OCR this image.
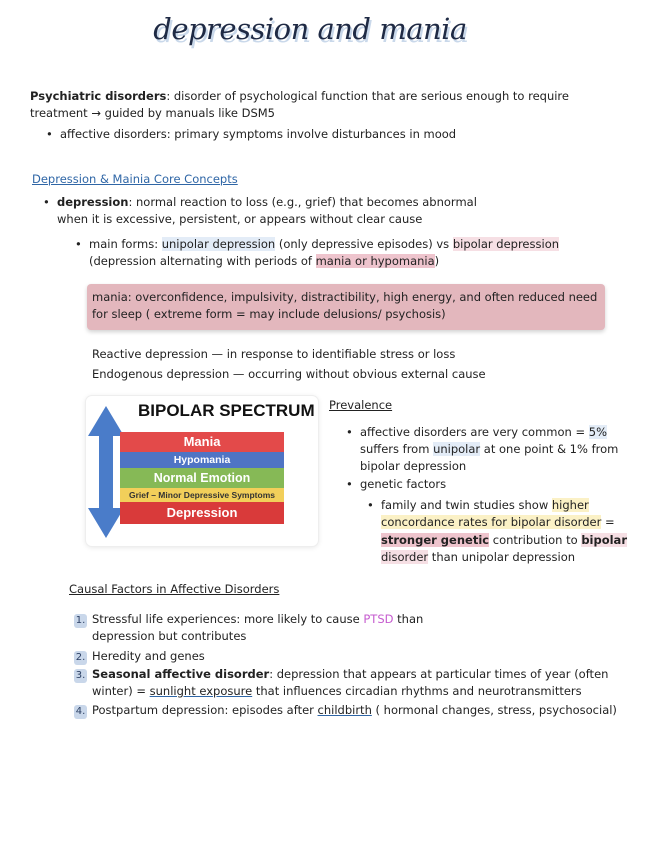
depression and mania
Psychiatric disorders: disorder of psychological function that are serious enough to require
treatment → guided by manuals like DSM5
• affective disorders: primary symptoms involve disturbances in mood
Depression & Mainia Core Concepts
• depression: normal reaction to loss (e.g., grief) that becomes abnormal
when it is excessive, persistent, or appears without clear cause
• main forms: unipolar depression (only depressive episodes) vs bipolar depression
(depression alternating with periods of mania or hypomania)
mania: overconfidence, impulsivity, distractibility, high energy, and often reduced need
for sleep ( extreme form = may include delusions/ psychosis)
Reactive depression — in response to identifiable stress or loss
Endogenous depression — occurring without obvious external cause
BIPOLAR SPECTRUM
Mania
Hypomania
Normal Emotion
Grief – Minor Depressive Symptoms
Depression
Prevalence
• affective disorders are very common = 5%
suffers from unipolar at one point & 1% from
bipolar depression
• genetic factors
• family and twin studies show higher
concordance rates for bipolar disorder =
stronger genetic contribution to bipolar
disorder than unipolar depression
Causal Factors in Affective Disorders
1. Stressful life experiences: more likely to cause PTSD than
depression but contributes
2. Heredity and genes
3. Seasonal affective disorder: depression that appears at particular times of year (often
winter) = sunlight exposure that influences circadian rhythms and neurotransmitters
4. Postpartum depression: episodes after childbirth ( hormonal changes, stress, psychosocial)
